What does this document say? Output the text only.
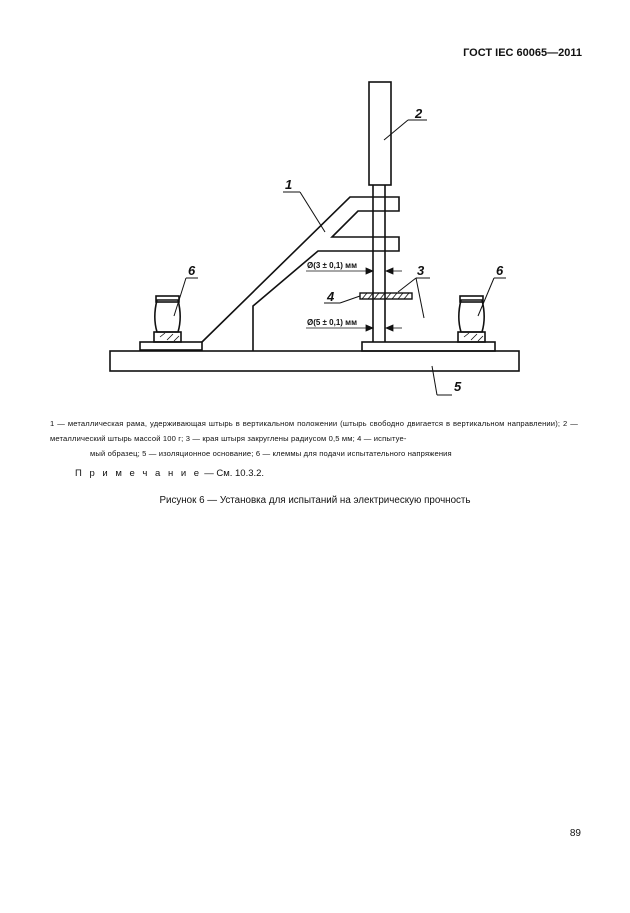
ГОСТ IEC 60065—2011
1
2
3
4
5
6	6
Ø(3 ± 0,1) мм
Ø(5 ± 0,1) мм
1 — металлическая рама, удерживающая штырь в вертикальном положении (штырь свободно двигается в вертикальном направлении); 2 — металлический штырь массой 100 г; 3 — края штыря закруглены радиусом 0,5 мм; 4 — испытуе-
мый образец; 5 — изоляционное основание; 6 — клеммы для подачи испытательного напряжения
П р и м е ч а н и е — См. 10.3.2.
Рисунок 6 — Установка для испытаний на электрическую прочность
89
